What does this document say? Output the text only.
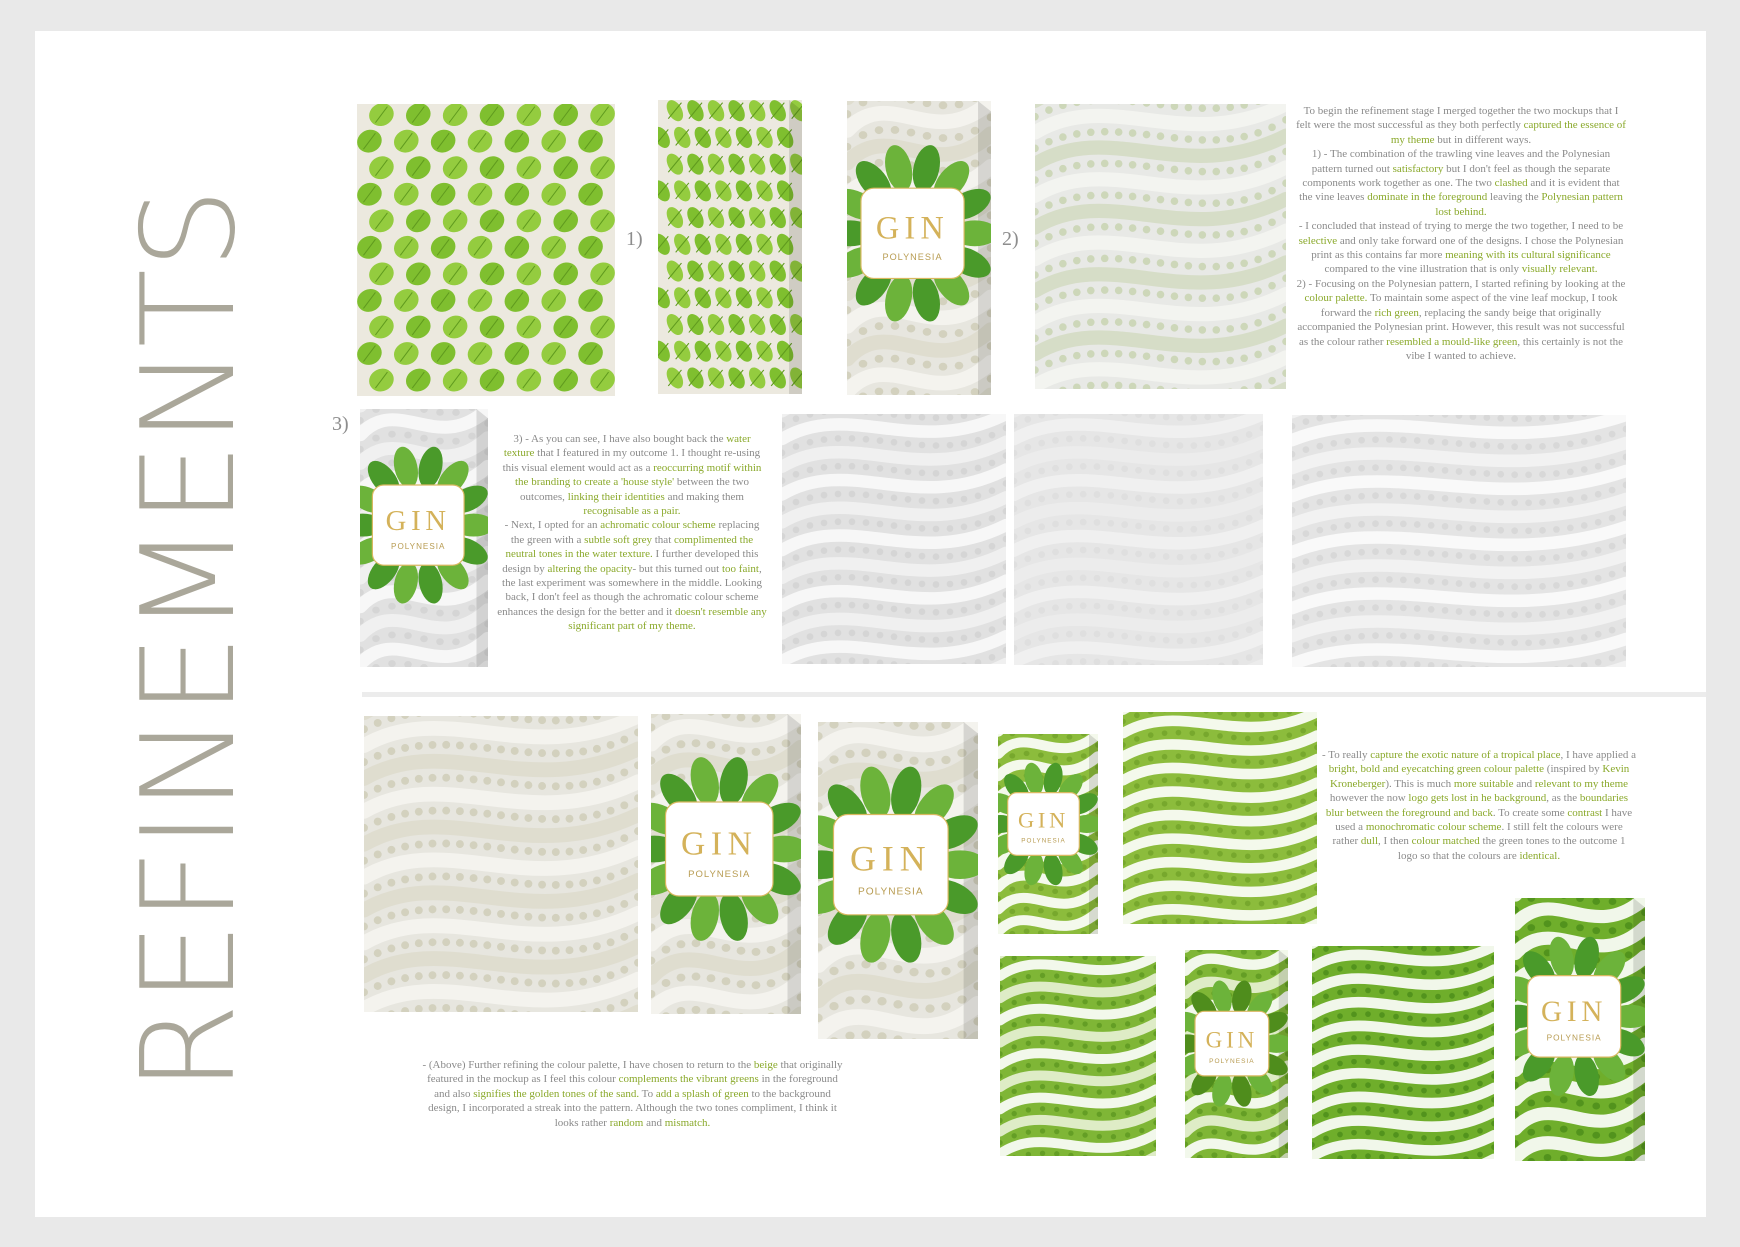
REFINEMENTS	1)	GIN
POLYNESIA
2)
To begin the refinement stage I merged together the two mockups that I felt were the most successful as they both perfectly captured the essence of my theme but in different ways.
1) - The combination of the trawling vine leaves and the Polynesian pattern turned out satisfactory but I don't feel as though the separate components work together as one. The two clashed and it is evident that the vine leaves dominate in the foreground leaving the Polynesian pattern lost behind.
- I concluded that instead of trying to merge the two together, I need to be selective and only take forward one of the designs. I chose the Polynesian print as this contains far more meaning with its cultural significance compared to the vine illustration that is only visually relevant.
2) - Focusing on the Polynesian pattern, I started refining by looking at the colour palette. To maintain some aspect of the vine leaf mockup, I took forward the rich green, replacing the sandy beige that originally accompanied the Polynesian print. However, this result was not successful as the colour rather resembled a mould-like green, this certainly is not the vibe I wanted to achieve.
3)
GIN
POLYNESIA
3) - As you can see, I have also bought back the water texture that I featured in my outcome 1. I thought re-using this visual element would act as a reoccurring motif within the branding to create a 'house style' between the two outcomes, linking their identities and making them recognisable as a pair.
- Next, I opted for an achromatic colour scheme replacing the green with a subtle soft grey that complimented the neutral tones in the water texture. I further developed this design by altering the opacity- but this turned out too faint, the last experiment was somewhere in the middle. Looking back, I don't feel as though the achromatic colour scheme enhances the design for the better and it doesn't resemble any significant part of my theme.
GIN
POLYNESIA	GIN
POLYNESIA
- (Above) Further refining the colour palette, I have chosen to return to the beige that originally featured in the mockup as I feel this colour complements the vibrant greens in the foreground and also signifies the golden tones of the sand. To add a splash of green to the background design, I incorporated a streak into the pattern. Although the two tones compliment, I think it looks rather random and mismatch.
GIN
POLYNESIA
- To really capture the exotic nature of a tropical place, I have applied a bright, bold and eyecatching green colour palette (inspired by Kevin Kroneberger). This is much more suitable and relevant to my theme however the now logo gets lost in he background, as the boundaries blur between the foreground and back. To create some contrast I have used a monochromatic colour scheme. I still felt the colours were rather dull, I then colour matched the green tones to the outcome 1 logo so that the colours are identical.
GIN
POLYNESIA
GIN
POLYNESIA
